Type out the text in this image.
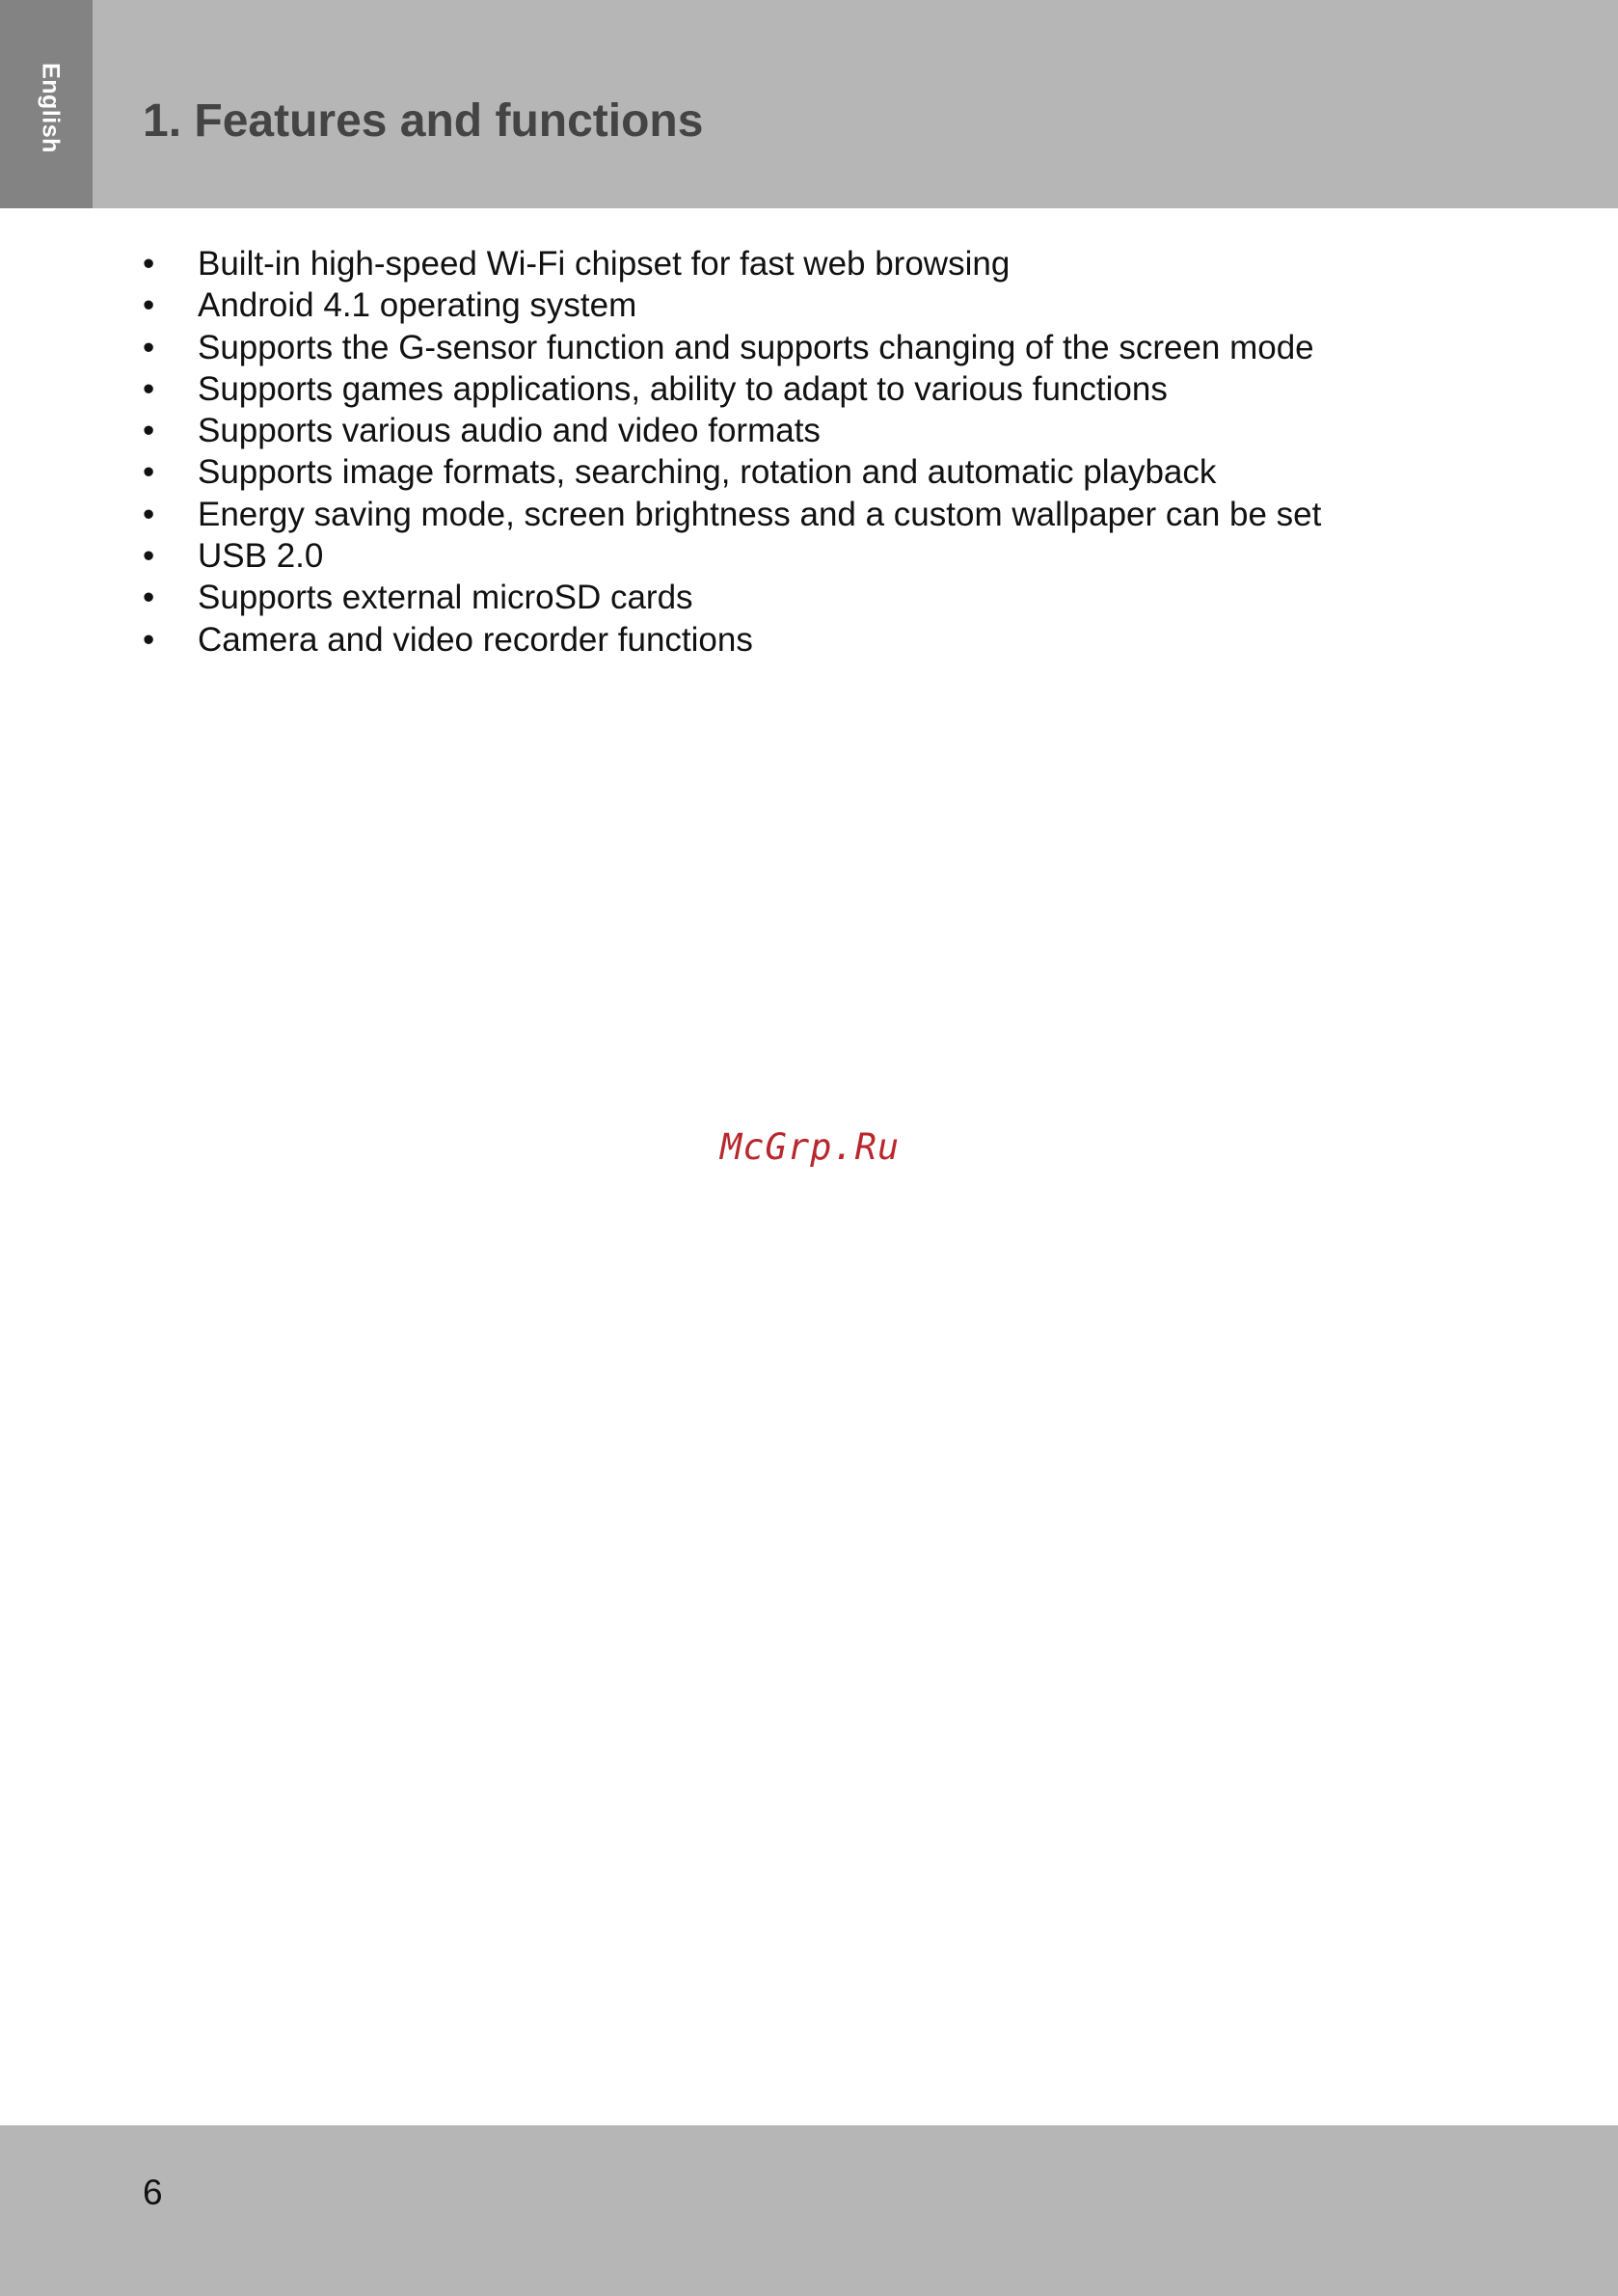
English 1. Features and functions
• Built-in high-speed Wi-Fi chipset for fast web browsing
• Android 4.1 operating system
• Supports the G-sensor function and supports changing of the screen mode
• Supports games applications, ability to adapt to various functions
• Supports various audio and video formats
• Supports image formats, searching, rotation and automatic playback
• Energy saving mode, screen brightness and a custom wallpaper can be set
• USB 2.0
• Supports external microSD cards
• Camera and video recorder functions
McGrp.Ru
6
